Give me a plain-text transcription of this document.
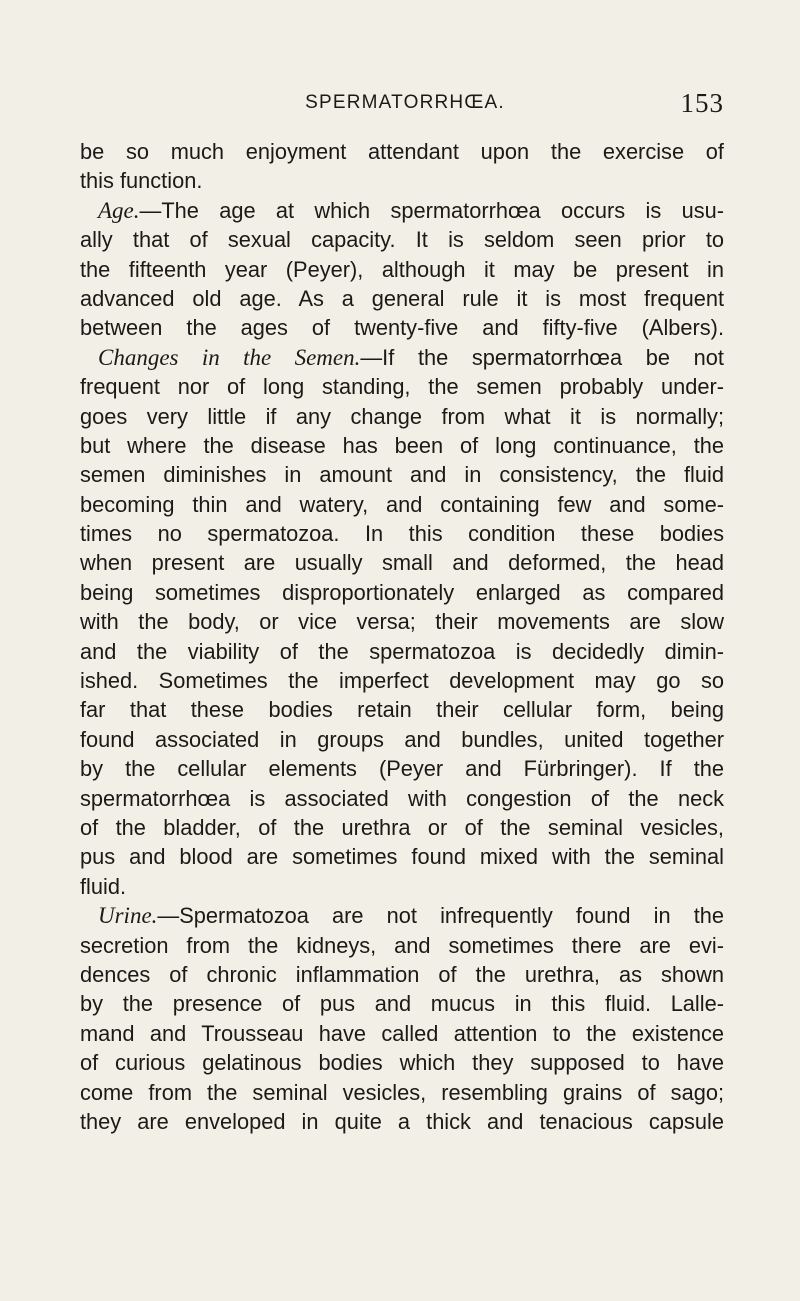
SPERMATORRHŒA.	153
be so much enjoyment attendant upon the exercise of
this function.
Age.—The age at which spermatorrhœa occurs is usu-
ally that of sexual capacity. It is seldom seen prior to
the fifteenth year (Peyer), although it may be present in
advanced old age. As a general rule it is most frequent
between the ages of twenty-five and fifty-five (Albers).
Changes in the Semen.—If the spermatorrhœa be not
frequent nor of long standing, the semen probably under-
goes very little if any change from what it is normally;
but where the disease has been of long continuance, the
semen diminishes in amount and in consistency, the fluid
becoming thin and watery, and containing few and some-
times no spermatozoa. In this condition these bodies
when present are usually small and deformed, the head
being sometimes disproportionately enlarged as compared
with the body, or vice versa; their movements are slow
and the viability of the spermatozoa is decidedly dimin-
ished. Sometimes the imperfect development may go so
far that these bodies retain their cellular form, being
found associated in groups and bundles, united together
by the cellular elements (Peyer and Fürbringer). If the
spermatorrhœa is associated with congestion of the neck
of the bladder, of the urethra or of the seminal vesicles,
pus and blood are sometimes found mixed with the seminal
fluid.
Urine.—Spermatozoa are not infrequently found in the
secretion from the kidneys, and sometimes there are evi-
dences of chronic inflammation of the urethra, as shown
by the presence of pus and mucus in this fluid. Lalle-
mand and Trousseau have called attention to the existence
of curious gelatinous bodies which they supposed to have
come from the seminal vesicles, resembling grains of sago;
they are enveloped in quite a thick and tenacious capsule
